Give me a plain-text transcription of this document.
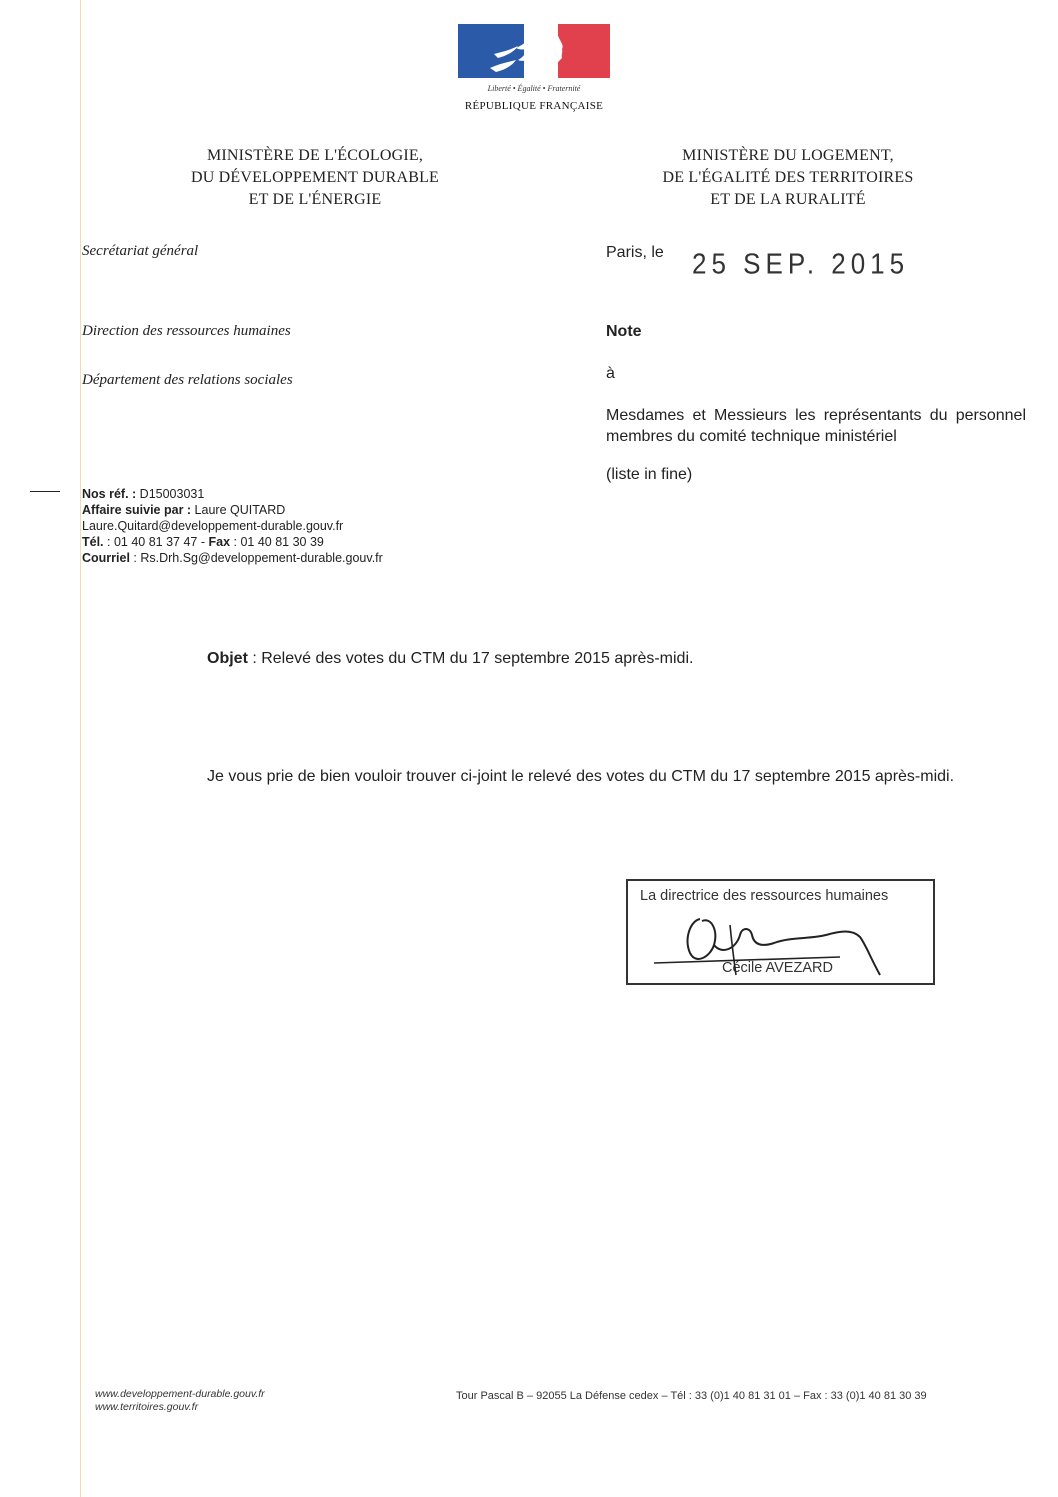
Liberté • Égalité • Fraternité
RÉPUBLIQUE FRANÇAISE
MINISTÈRE DE L'ÉCOLOGIE,
DU DÉVELOPPEMENT DURABLE
ET DE L'ÉNERGIE
MINISTÈRE DU LOGEMENT,
DE L'ÉGALITÉ DES TERRITOIRES
ET DE LA RURALITÉ
Secrétariat général
Direction des ressources humaines
Département des relations sociales
Paris, le 25 SEP. 2015
Note
à
Mesdames et Messieurs les représentants du personnel membres du comité technique ministériel
(liste in fine)
Nos réf. : D15003031
Affaire suivie par : Laure QUITARD
Laure.Quitard@developpement-durable.gouv.fr
Tél. : 01 40 81 37 47 - Fax : 01 40 81 30 39
Courriel : Rs.Drh.Sg@developpement-durable.gouv.fr
Objet : Relevé des votes du CTM du 17 septembre 2015 après-midi.
Je vous prie de bien vouloir trouver ci-joint le relevé des votes du CTM du 17 septembre 2015 après-midi.
La directrice des ressources humaines
Cécile AVEZARD
www.developpement-durable.gouv.fr
www.territoires.gouv.fr
Tour Pascal B – 92055 La Défense cedex – Tél : 33 (0)1 40 81 31 01 – Fax : 33 (0)1 40 81 30 39
